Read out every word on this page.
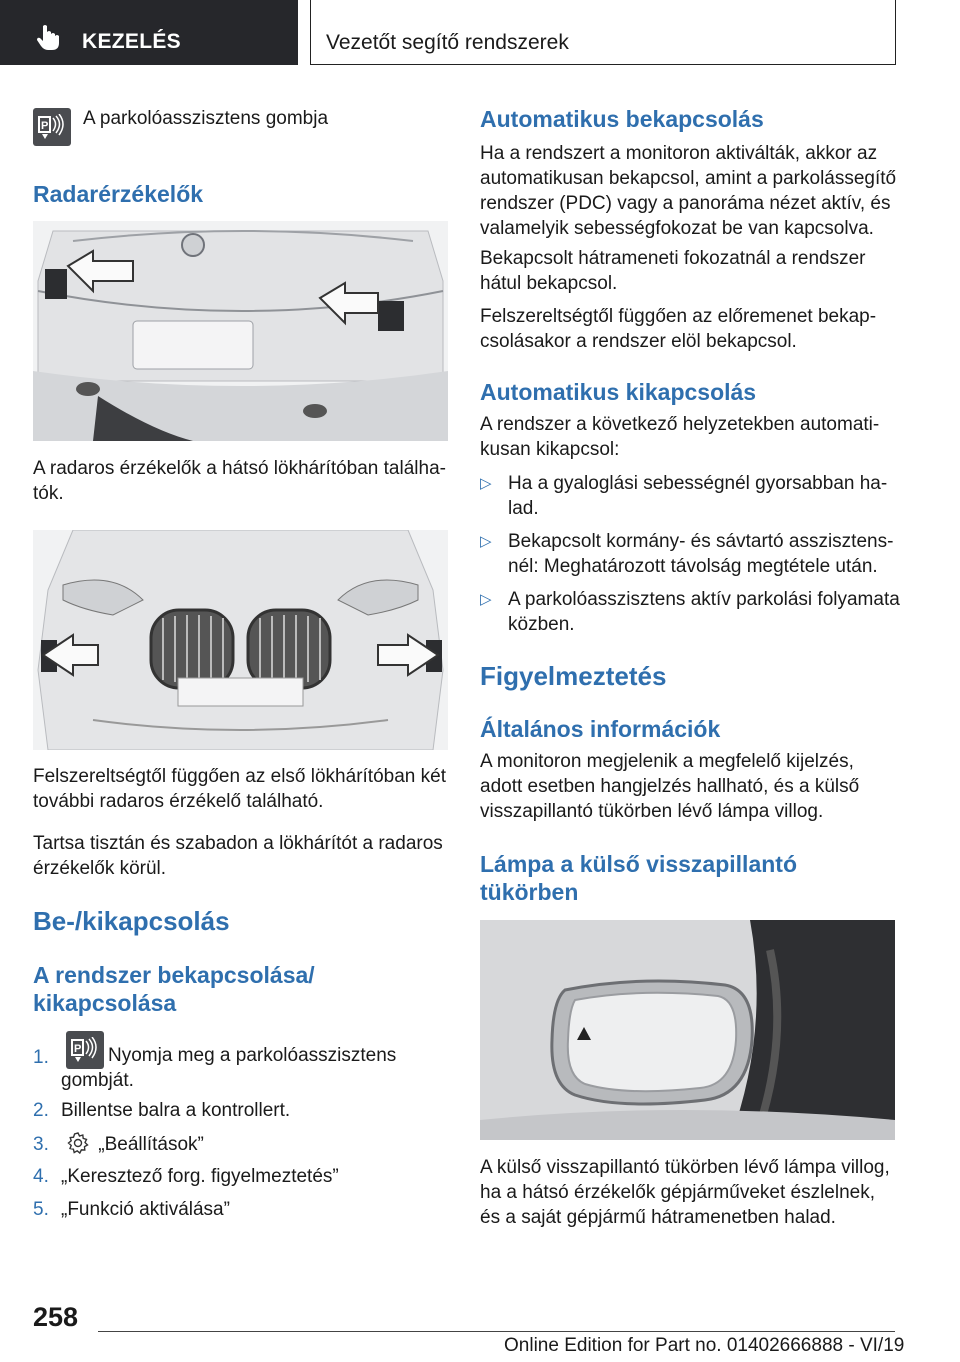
KEZELÉS	Vezetőt segítő rendszerek
P A parkolóasszisztens gombja
Radarérzékelők
A radaros érzékelők a hátsó lökhárítóban találha-
tók.
Felszereltségtől függően az első lökhárítóban két további radaros érzékelő található.
Tartsa tisztán és szabadon a lökhárítót a radaros érzékelők körül.
Be-/kikapcsolás
A rendszer bekapcsolása/
kikapcsolása
1. P Nyomja meg a parkolóasszisztens
gombját.
2. Billentse balra a kontrollert.
3.	„Beállítások”
4. „Keresztező forg. figyelmeztetés”
5. „Funkció aktiválása”
Automatikus bekapcsolás
Ha a rendszert a monitoron aktiválták, akkor az automatikusan bekapcsol, amint a parkolássegítő rendszer (PDC) vagy a panoráma nézet aktív, és valamelyik sebességfokozat be van kapcsolva.
Bekapcsolt hátrameneti fokozatnál a rendszer hátul bekapcsol.
Felszereltségtől függően az előremenet bekap-
csolásakor a rendszer elöl bekapcsol.
Automatikus kikapcsolás
A rendszer a következő helyzetekben automati-
kusan kikapcsol:
▷ Ha a gyaloglási sebességnél gyorsabban ha-
lad.
▷ Bekapcsolt kormány- és sávtartó asszisztens-
nél: Meghatározott távolság megtétele után.
▷ A parkolóasszisztens aktív parkolási folyamata közben.
Figyelmeztetés
Általános információk
A monitoron megjelenik a megfelelő kijelzés, adott esetben hangjelzés hallható, és a külső visszapillantó tükörben lévő lámpa villog.
Lámpa a külső visszapillantó
tükörben
A külső visszapillantó tükörben lévő lámpa villog, ha a hátsó érzékelők gépjárműveket észlelnek, és a saját gépjármű hátramenetben halad.
258
Online Edition for Part no. 01402666888 - VI/19
